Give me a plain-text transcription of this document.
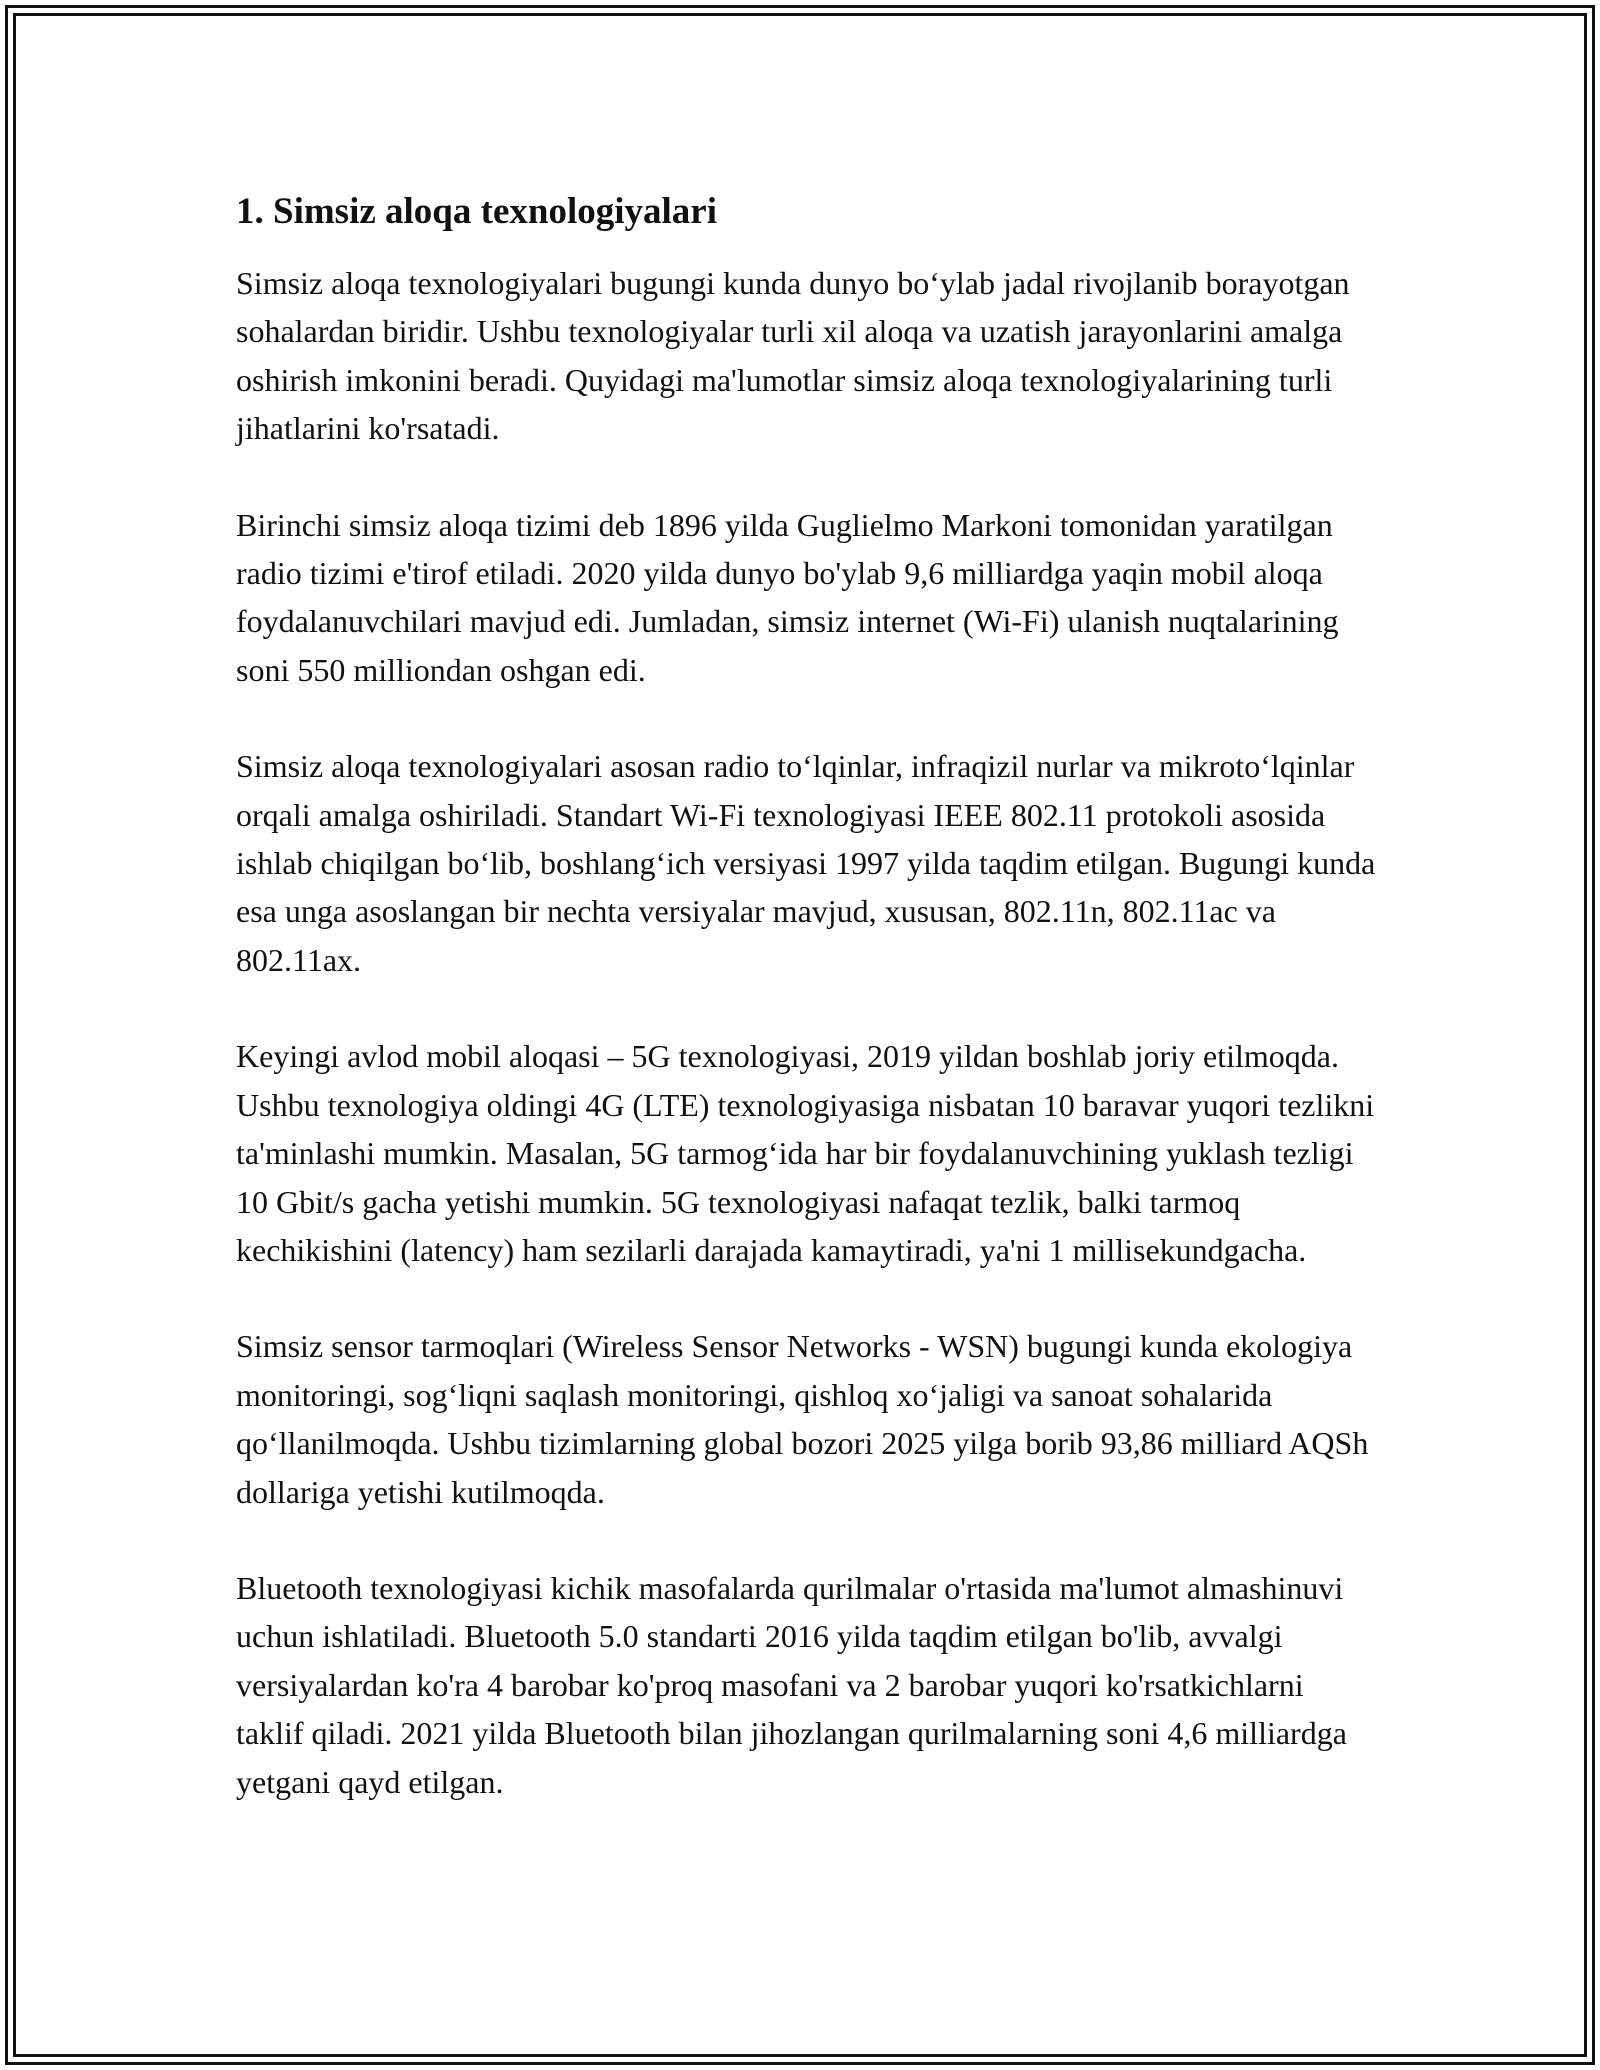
1. Simsiz aloqa texnologiyalari

Simsiz aloqa texnologiyalari bugungi kunda dunyo boʻylab jadal rivojlanib borayotgan sohalardan biridir. Ushbu texnologiyalar turli xil aloqa va uzatish jarayonlarini amalga oshirish imkonini beradi. Quyidagi ma'lumotlar simsiz aloqa texnologiyalarining turli jihatlarini ko'rsatadi.

Birinchi simsiz aloqa tizimi deb 1896 yilda Guglielmo Markoni tomonidan yaratilgan radio tizimi e'tirof etiladi. 2020 yilda dunyo bo'ylab 9,6 milliardga yaqin mobil aloqa foydalanuvchilari mavjud edi. Jumladan, simsiz internet (Wi-Fi) ulanish nuqtalarining soni 550 milliondan oshgan edi.

Simsiz aloqa texnologiyalari asosan radio toʻlqinlar, infraqizil nurlar va mikrotoʻlqinlar orqali amalga oshiriladi. Standart Wi-Fi texnologiyasi IEEE 802.11 protokoli asosida ishlab chiqilgan boʻlib, boshlangʻich versiyasi 1997 yilda taqdim etilgan. Bugungi kunda esa unga asoslangan bir nechta versiyalar mavjud, xususan, 802.11n, 802.11ac va 802.11ax.

Keyingi avlod mobil aloqasi – 5G texnologiyasi, 2019 yildan boshlab joriy etilmoqda. Ushbu texnologiya oldingi 4G (LTE) texnologiyasiga nisbatan 10 baravar yuqori tezlikni ta'minlashi mumkin. Masalan, 5G tarmogʻida har bir foydalanuvchining yuklash tezligi 10 Gbit/s gacha yetishi mumkin. 5G texnologiyasi nafaqat tezlik, balki tarmoq kechikishini (latency) ham sezilarli darajada kamaytiradi, ya'ni 1 millisekundgacha.

Simsiz sensor tarmoqlari (Wireless Sensor Networks - WSN) bugungi kunda ekologiya monitoringi, sogʻliqni saqlash monitoringi, qishloq xoʻjaligi va sanoat sohalarida qoʻllanilmoqda. Ushbu tizimlarning global bozori 2025 yilga borib 93,86 milliard AQSh dollariga yetishi kutilmoqda.

Bluetooth texnologiyasi kichik masofalarda qurilmalar o'rtasida ma'lumot almashinuvi uchun ishlatiladi. Bluetooth 5.0 standarti 2016 yilda taqdim etilgan bo'lib, avvalgi versiyalardan ko'ra 4 barobar ko'proq masofani va 2 barobar yuqori ko'rsatkichlarni taklif qiladi. 2021 yilda Bluetooth bilan jihozlangan qurilmalarning soni 4,6 milliardga yetgani qayd etilgan.
